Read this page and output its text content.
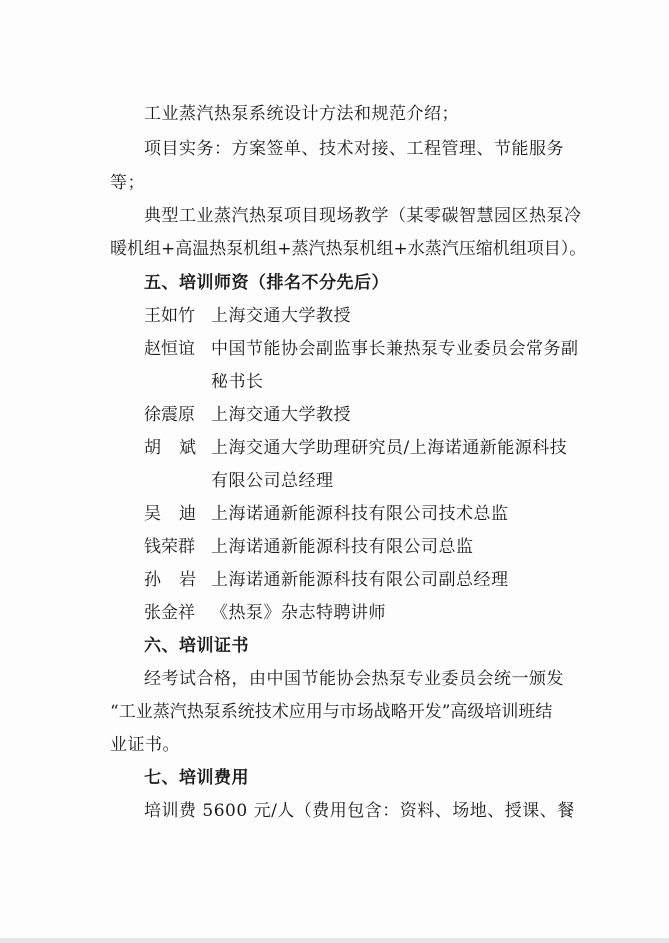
工业蒸汽热泵系统设计方法和规范介绍；
项目实务：方案签单、技术对接、工程管理、节能服务
等；
典型工业蒸汽热泵项目现场教学（某零碳智慧园区热泵冷
暖机组+高温热泵机组+蒸汽热泵机组+水蒸汽压缩机组项目）。
五、培训师资（排名不分先后）
王如竹 上海交通大学教授
赵恒谊 中国节能协会副监事长兼热泵专业委员会常务副
秘书长
徐震原 上海交通大学教授
胡斌
上海交通大学助理研究员/上海诺通新能源科技
有限公司总经理
吴迪
上海诺通新能源科技有限公司技术总监
钱荣群 上海诺通新能源科技有限公司总监
孙岩
上海诺通新能源科技有限公司副总经理
张金祥 《热泵》杂志特聘讲师
六、培训证书
经考试合格，由中国节能协会热泵专业委员会统一颁发
“工业蒸汽热泵系统技术应用与市场战略开发”高级培训班结
业证书。
七、培训费用
培训费 5600 元/人（费用包含：资料、场地、授课、餐
